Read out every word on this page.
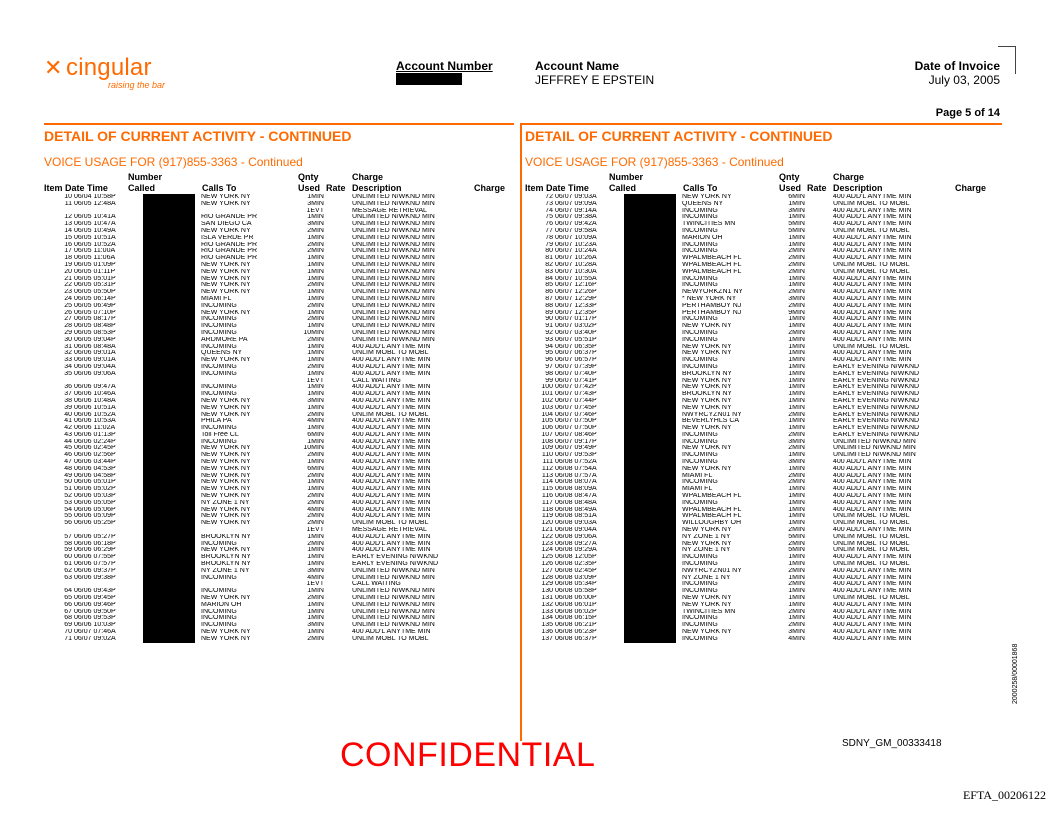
✕ cingular
raising the bar
Account Number	Account Name
JEFFREY E EPSTEIN
Date of Invoice
July 03, 2005
Page 5 of 14
DETAIL OF CURRENT ACTIVITY - CONTINUED
VOICE USAGE FOR (917)855-3363 - Continued
DETAIL OF CURRENT ACTIVITY - CONTINUED
VOICE USAGE FOR (917)855-3363 - Continued
Number	Qnty	Charge
Item Date Time Called	Calls To	Used Rate Description	Charge
10 06/04 10:58P	NEW YORK NY	1MIN	UNLIMITED N/WKND MIN
11 06/05 12:48A	NEW YORK NY	3MIN	UNLIMITED N/WKND MIN
1EVT	MESSAGE RETRIEVAL
12 06/05 10:41A	RIO GRANDE PR	1MIN	UNLIMITED N/WKND MIN
13 06/05 10:47A	SAN DIEGO CA	3MIN	UNLIMITED N/WKND MIN
14 06/05 10:49A	NEW YORK NY	2MIN	UNLIMITED N/WKND MIN
15 06/05 10:51A	ISLA VERDE PR	1MIN	UNLIMITED N/WKND MIN
16 06/05 10:52A	RIO GRANDE PR	2MIN	UNLIMITED N/WKND MIN
17 06/05 11:00A	RIO GRANDE PR	2MIN	UNLIMITED N/WKND MIN
18 06/05 11:06A	RIO GRANDE PR	1MIN	UNLIMITED N/WKND MIN
19 06/05 01:09P	NEW YORK NY	1MIN	UNLIMITED N/WKND MIN
20 06/05 01:11P	NEW YORK NY	1MIN	UNLIMITED N/WKND MIN
21 06/05 05:01P	NEW YORK NY	1MIN	UNLIMITED N/WKND MIN
22 06/05 05:31P	NEW YORK NY	2MIN	UNLIMITED N/WKND MIN
23 06/05 05:50P	NEW YORK NY	1MIN	UNLIMITED N/WKND MIN
24 06/05 06:14P	MIAMI FL	1MIN	UNLIMITED N/WKND MIN
25 06/05 06:49P	INCOMING	2MIN	UNLIMITED N/WKND MIN
26 06/05 07:10P	NEW YORK NY	1MIN	UNLIMITED N/WKND MIN
27 06/05 08:17P	INCOMING	2MIN	UNLIMITED N/WKND MIN
28 06/05 08:48P	INCOMING	1MIN	UNLIMITED N/WKND MIN
29 06/05 08:53P	INCOMING	10MIN	UNLIMITED N/WKND MIN
30 06/05 09:04P	ARDMORE PA	2MIN	UNLIMITED N/WKND MIN
31 06/06 08:48A	INCOMING	1MIN	400 ADD'L ANYTME MIN
32 06/06 09:01A	QUEENS NY	1MIN	UNLIM MOBL TO MOBL
33 06/06 09:01A	NEW YORK NY	1MIN	400 ADD'L ANYTME MIN
34 06/06 09:04A	INCOMING	2MIN	400 ADD'L ANYTME MIN
35 06/06 09:06A	INCOMING	1MIN	400 ADD'L ANYTME MIN
1EVT	CALL WAITING
36 06/06 09:47A	INCOMING	1MIN	400 ADD'L ANYTME MIN
37 06/06 10:46A	INCOMING	1MIN	400 ADD'L ANYTME MIN
38 06/06 10:48A	NEW YORK NY	3MIN	400 ADD'L ANYTME MIN
39 06/06 10:51A	NEW YORK NY	1MIN	400 ADD'L ANYTME MIN
40 06/06 10:52A	NEW YORK NY	2MIN	UNLIM MOBL TO MOBL
41 06/06 10:53A	PHILA PA	4MIN	400 ADD'L ANYTME MIN
42 06/06 11:02A	INCOMING	1MIN	400 ADD'L ANYTME MIN
43 06/06 01:13P	Toll Free CL	6MIN	400 ADD'L ANYTME MIN
44 06/06 02:24P	INCOMING	1MIN	400 ADD'L ANYTME MIN
45 06/06 02:45P	NEW YORK NY	10MIN	400 ADD'L ANYTME MIN
46 06/06 02:56P	NEW YORK NY	2MIN	400 ADD'L ANYTME MIN
47 06/06 03:44P	NEW YORK NY	1MIN	400 ADD'L ANYTME MIN
48 06/06 04:53P	NEW YORK NY	6MIN	400 ADD'L ANYTME MIN
49 06/06 04:58P	NEW YORK NY	2MIN	400 ADD'L ANYTME MIN
50 06/06 05:01P	NEW YORK NY	1MIN	400 ADD'L ANYTME MIN
51 06/06 05:02P	NEW YORK NY	1MIN	400 ADD'L ANYTME MIN
52 06/06 05:03P	NEW YORK NY	2MIN	400 ADD'L ANYTME MIN
53 06/06 05:05P	NY ZONE 1 NY	2MIN	400 ADD'L ANYTME MIN
54 06/06 05:06P	NEW YORK NY	4MIN	400 ADD'L ANYTME MIN
55 06/06 05:09P	NEW YORK NY	2MIN	400 ADD'L ANYTME MIN
56 06/06 05:25P	NEW YORK NY	2MIN	UNLIM MOBL TO MOBL
1EVT	MESSAGE RETRIEVAL
57 06/06 05:27P	BROOKLYN NY	1MIN	400 ADD'L ANYTME MIN
58 06/06 06:18P	INCOMING	2MIN	400 ADD'L ANYTME MIN
59 06/06 06:29P	NEW YORK NY	1MIN	400 ADD'L ANYTME MIN
60 06/06 07:55P	BROOKLYN NY	1MIN	EARLY EVENING N/WKND
61 06/06 07:57P	BROOKLYN NY	1MIN	EARLY EVENING N/WKND
62 06/06 09:37P	NY ZONE 1 NY	3MIN	UNLIMITED N/WKND MIN
63 06/06 09:38P	INCOMING	4MIN	UNLIMITED N/WKND MIN
1EVT	CALL WAITING
64 06/06 09:43P	INCOMING	1MIN	UNLIMITED N/WKND MIN
65 06/06 09:45P	NEW YORK NY	2MIN	UNLIMITED N/WKND MIN
66 06/06 09:46P	MARION OH	1MIN	UNLIMITED N/WKND MIN
67 06/06 09:50P	INCOMING	1MIN	UNLIMITED N/WKND MIN
68 06/06 09:53P	INCOMING	1MIN	UNLIMITED N/WKND MIN
69 06/06 10:03P	INCOMING	3MIN	UNLIMITED N/WKND MIN
70 06/07 07:46A	NEW YORK NY	1MIN	400 ADD'L ANYTME MIN
71 06/07 09:02A	NEW YORK NY	2MIN	UNLIM MOBL TO MOBL
Number	Qnty	Charge
Item Date Time Called	Calls To	Used Rate Description	Charge
72 06/07 09:03A	NEW YORK NY	6MIN	400 ADD'L ANYTME MIN
73 06/07 09:09A	QUEENS NY	1MIN	UNLIM MOBL TO MOBL
74 06/07 09:14A	INCOMING	3MIN	400 ADD'L ANYTME MIN
75 06/07 09:38A	INCOMING	1MIN	400 ADD'L ANYTME MIN
76 06/07 09:42A	TWINCITIES MN	5MIN	400 ADD'L ANYTME MIN
77 06/07 09:58A	INCOMING	5MIN	UNLIM MOBL TO MOBL
78 06/07 10:09A	MARION OH	1MIN	400 ADD'L ANYTME MIN
79 06/07 10:23A	INCOMING	1MIN	400 ADD'L ANYTME MIN
80 06/07 10:24A	INCOMING	2MIN	400 ADD'L ANYTME MIN
81 06/07 10:26A	WPALMBEACH FL	2MIN	400 ADD'L ANYTME MIN
82 06/07 10:28A	WPALMBEACH FL	2MIN	UNLIM MOBL TO MOBL
83 06/07 10:30A	WPALMBEACH FL	2MIN	UNLIM MOBL TO MOBL
84 06/07 10:55A	INCOMING	1MIN	400 ADD'L ANYTME MIN
85 06/07 12:16P	INCOMING	1MIN	400 ADD'L ANYTME MIN
86 06/07 12:26P	NEWYORKZN1 NY	2MIN	400 ADD'L ANYTME MIN
87 06/07 12:29P	* NEW YORK NY	3MIN	400 ADD'L ANYTME MIN
88 06/07 12:33P	PERTHAMBOY NJ	2MIN	400 ADD'L ANYTME MIN
89 06/07 12:35P	PERTHAMBOY NJ	9MIN	400 ADD'L ANYTME MIN
90 06/07 01:17P	INCOMING	1MIN	400 ADD'L ANYTME MIN
91 06/07 03:02P	NEW YORK NY	1MIN	400 ADD'L ANYTME MIN
92 06/07 03:40P	INCOMING	2MIN	400 ADD'L ANYTME MIN
93 06/07 05:51P	INCOMING	1MIN	400 ADD'L ANYTME MIN
94 06/07 06:35P	NEW YORK NY	1MIN	UNLIM MOBL TO MOBL
95 06/07 06:37P	NEW YORK NY	1MIN	400 ADD'L ANYTME MIN
96 06/07 06:57P	INCOMING	1MIN	400 ADD'L ANYTME MIN
97 06/07 07:39P	INCOMING	1MIN	EARLY EVENING N/WKND
98 06/07 07:40P	BROOKLYN NY	1MIN	EARLY EVENING N/WKND
99 06/07 07:41P	NEW YORK NY	1MIN	EARLY EVENING N/WKND
100 06/07 07:42P	NEW YORK NY	1MIN	EARLY EVENING N/WKND
101 06/07 07:43P	BROOKLYN NY	1MIN	EARLY EVENING N/WKND
102 06/07 07:44P	NEW YORK NY	1MIN	EARLY EVENING N/WKND
103 06/07 07:45P	NEW YORK NY	1MIN	EARLY EVENING N/WKND
104 06/07 07:46P	NWYRCYZN01 NY	2MIN	EARLY EVENING N/WKND
105 06/07 07:50P	BEVERLYHLS CA	1MIN	EARLY EVENING N/WKND
106 06/07 07:50P	NEW YORK NY	1MIN	EARLY EVENING N/WKND
107 06/07 08:46P	INCOMING	2MIN	EARLY EVENING N/WKND
108 06/07 09:17P	INCOMING	3MIN	UNLIMITED N/WKND MIN
109 06/07 09:49P	NEW YORK NY	2MIN	UNLIMITED N/WKND MIN
110 06/07 09:53P	INCOMING	1MIN	UNLIMITED N/WKND MIN
111 06/08 07:52A	INCOMING	3MIN	400 ADD'L ANYTME MIN
112 06/08 07:54A	NEW YORK NY	1MIN	400 ADD'L ANYTME MIN
113 06/08 07:57A	MIAMI FL	2MIN	400 ADD'L ANYTME MIN
114 06/08 08:07A	INCOMING	2MIN	400 ADD'L ANYTME MIN
115 06/08 08:09A	MIAMI FL	1MIN	400 ADD'L ANYTME MIN
116 06/08 08:47A	WPALMBEACH FL	1MIN	400 ADD'L ANYTME MIN
117 06/08 08:48A	INCOMING	1MIN	400 ADD'L ANYTME MIN
118 06/08 08:49A	WPALMBEACH FL	1MIN	400 ADD'L ANYTME MIN
119 06/08 08:51A	WPALMBEACH FL	1MIN	UNLIM MOBL TO MOBL
120 06/08 09:03A	WILLOUGHBY OH	1MIN	UNLIM MOBL TO MOBL
121 06/08 09:04A	NEW YORK NY	2MIN	400 ADD'L ANYTME MIN
122 06/08 09:06A	NY ZONE 1 NY	5MIN	UNLIM MOBL TO MOBL
123 06/08 09:27A	NEW YORK NY	2MIN	UNLIM MOBL TO MOBL
124 06/08 09:29A	NY ZONE 1 NY	5MIN	UNLIM MOBL TO MOBL
125 06/08 12:05P	INCOMING	1MIN	400 ADD'L ANYTME MIN
126 06/08 02:35P	INCOMING	1MIN	UNLIM MOBL TO MOBL
127 06/08 02:45P	NWYRCYZN01 NY	2MIN	400 ADD'L ANYTME MIN
128 06/08 03:09P	NY ZONE 1 NY	1MIN	400 ADD'L ANYTME MIN
129 06/08 05:34P	INCOMING	2MIN	400 ADD'L ANYTME MIN
130 06/08 05:58P	INCOMING	1MIN	400 ADD'L ANYTME MIN
131 06/08 06:00P	NEW YORK NY	1MIN	UNLIM MOBL TO MOBL
132 06/08 06:01P	NEW YORK NY	1MIN	400 ADD'L ANYTME MIN
133 06/08 06:02P	TWINCITIES MN	2MIN	400 ADD'L ANYTME MIN
134 06/08 06:15P	INCOMING	1MIN	400 ADD'L ANYTME MIN
135 06/08 06:21P	INCOMING	2MIN	400 ADD'L ANYTME MIN
136 06/08 06:23P	NEW YORK NY	3MIN	400 ADD'L ANYTME MIN
137 06/08 06:37P	INCOMING	4MIN	400 ADD'L ANYTME MIN
CONFIDENTIAL	SDNY_GM_00333418
EFTA_00206122
2000258/00001868
